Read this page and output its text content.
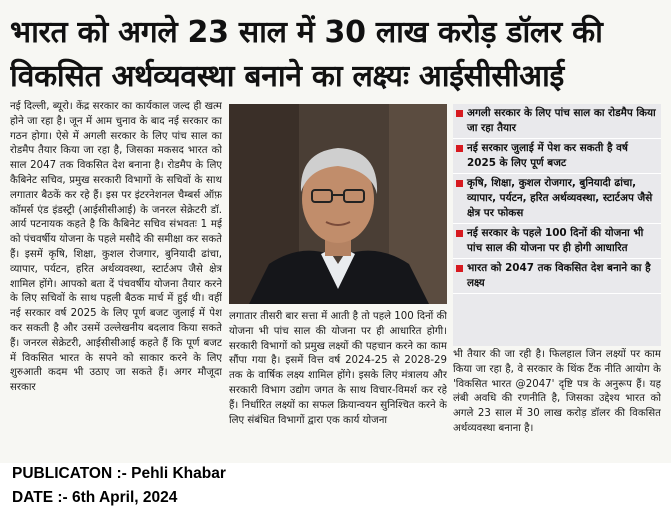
भारत को अगले 23 साल में 30 लाख करोड़ डॉलर की
विकसित अर्थव्यवस्था बनाने का लक्ष्यः आईसीसीआई
नई दिल्ली, ब्यूरो। केंद्र सरकार का कार्यकाल जल्द ही खत्म होने जा रहा है। जून में आम चुनाव के बाद नई सरकार का गठन होगा। ऐसे में अगली सरकार के लिए पांच साल का रोडमैप तैयार किया जा रहा है, जिसका मकसद भारत को साल 2047 तक विकसित देश बनाना है। रोडमैप के लिए कैबिनेट सचिव, प्रमुख सरकारी विभागों के सचिवों के साथ लगातार बैठकें कर रहे हैं। इस पर इंटरनेशनल चैम्बर्स ऑफ़ कॉमर्स एंड इंडस्ट्री (आईसीसीआई) के जनरल सेक्रेटरी डॉ. आर्य पटनायक कहते है कि कैबिनेट सचिव संभवतः 1 मई को पंचवर्षीय योजना के पहले मसौदे की समीक्षा कर सकते हैं। इसमें कृषि, शिक्षा, कुशल रोजगार, बुनियादी ढांचा, व्यापार, पर्यटन, हरित अर्थव्यवस्था, स्टार्टअप जैसे क्षेत्र शामिल होंगे। आपको बता दें पंचवर्षीय योजना तैयार करने के लिए सचिवों के साथ पहली बैठक मार्च में हुई थी। वहीं नई सरकार वर्ष 2025 के लिए पूर्ण बजट जुलाई में पेश कर सकती है और उसमें उल्लेखनीय बदलाव किया सकते हैं। जनरल सेक्रेटरी, आईसीसीआई कहते हैं कि पूर्ण बजट में विकसित भारत के सपने को साकार करने के लिए शुरुआती कदम भी उठाए जा सकते हैं। अगर मौजूदा सरकार
लगातार तीसरी बार सत्ता में आती है तो पहले 100 दिनों की योजना भी पांच साल की योजना पर ही आधारित होगी। सरकारी विभागों को प्रमुख लक्ष्यों की पहचान करने का काम सौंपा गया है। इसमें वित्त वर्ष 2024-25 से 2028-29 तक के वार्षिक लक्ष्य शामिल होंगे। इसके लिए मंत्रालय और सरकारी विभाग उद्योग जगत के साथ विचार-विमर्श कर रहे हैं। निर्धारित लक्ष्यों का सफल क्रियान्वयन सुनिश्चित करने के लिए संबंधित विभागों द्वारा एक कार्य योजना
अगली सरकार के लिए पांच साल का रोडमैप किया जा रहा तैयार
नई सरकार जुलाई में पेश कर सकती है वर्ष 2025 के लिए पूर्ण बजट
कृषि, शिक्षा, कुशल रोजगार, बुनियादी ढांचा, व्यापार, पर्यटन, हरित अर्थव्यवस्था, स्टार्टअप जैसे क्षेत्र पर फोकस
नई सरकार के पहले 100 दिनों की योजना भी पांच साल की योजना पर ही होगी आधारित
भारत को 2047 तक विकसित देश बनाने का है लक्ष्य
भी तैयार की जा रही है। फिलहाल जिन लक्ष्यों पर काम किया जा रहा है, वे सरकार के थिंक टैंक नीति आयोग के 'विकसित भारत @2047' दृष्टि पत्र के अनुरूप हैं। यह लंबी अवधि की रणनीति है, जिसका उद्देश्य भारत को अगले 23 साल में 30 लाख करोड़ डॉलर की विकसित अर्थव्यवस्था बनाना है।
PUBLICATON :- Pehli Khabar
DATE :- 6th April, 2024
